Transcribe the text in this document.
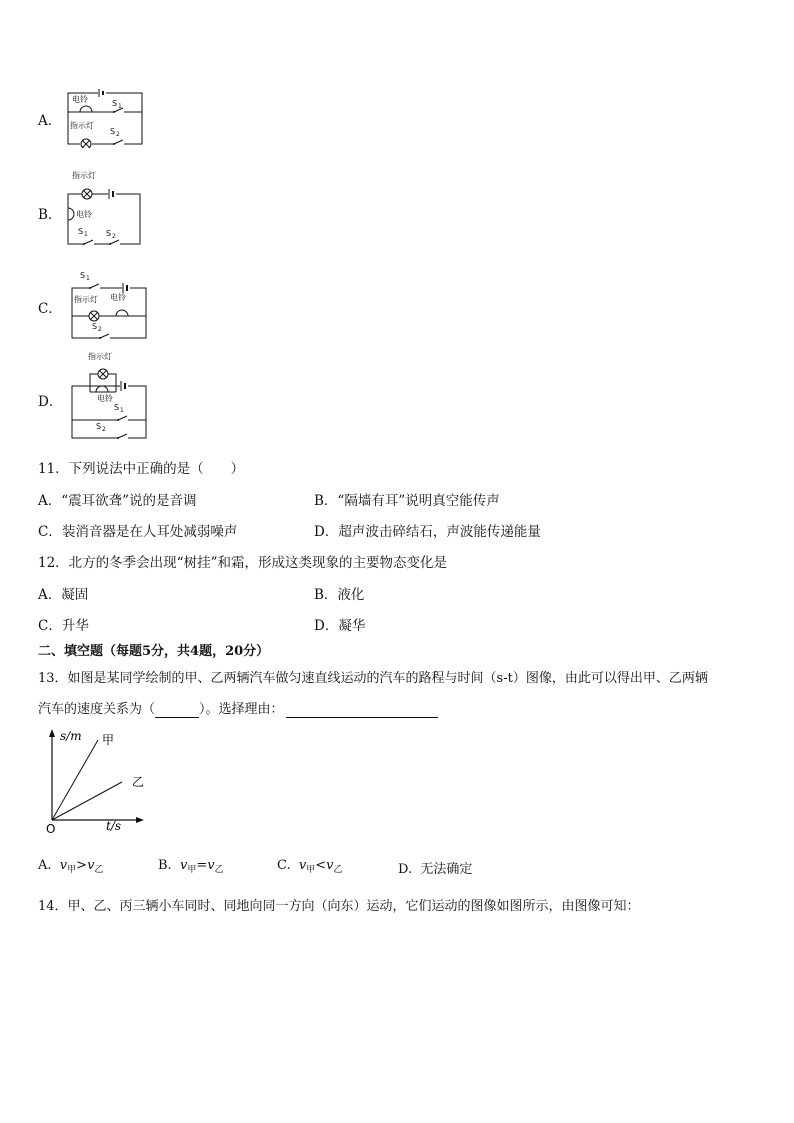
A．
电铃	S 1
指示灯
S 2
B．
指示灯
电铃
S 1 S 2
C．
S 1
指示灯 电铃
S 2
D．
指示灯
电铃
S 1
S 2
11．下列说法中正确的是（　　）
A．“震耳欲聋”说的是音调	B．“隔墙有耳”说明真空能传声
C．装消音器是在人耳处减弱噪声	D．超声波击碎结石，声波能传递能量
12．北方的冬季会出现“树挂”和霜，形成这类现象的主要物态变化是
A．凝固	B．液化
C．升华	D．凝华
二、填空题（每题5分，共4题，20分）
13．如图是某同学绘制的甲、乙两辆汽车做匀速直线运动的汽车的路程与时间（s-t）图像，由此可以得出甲、乙两辆
汽车的速度关系为（	）。选择理由：
s/m 甲
乙
O	t/s
A. $v_甲>v_乙$	B. $v_甲=v_乙$	C. $v_甲<v_乙$	D. 无法确定
14．甲、乙、丙三辆小车同时、同地向同一方向（向东）运动，它们运动的图像如图所示，由图像可知：
